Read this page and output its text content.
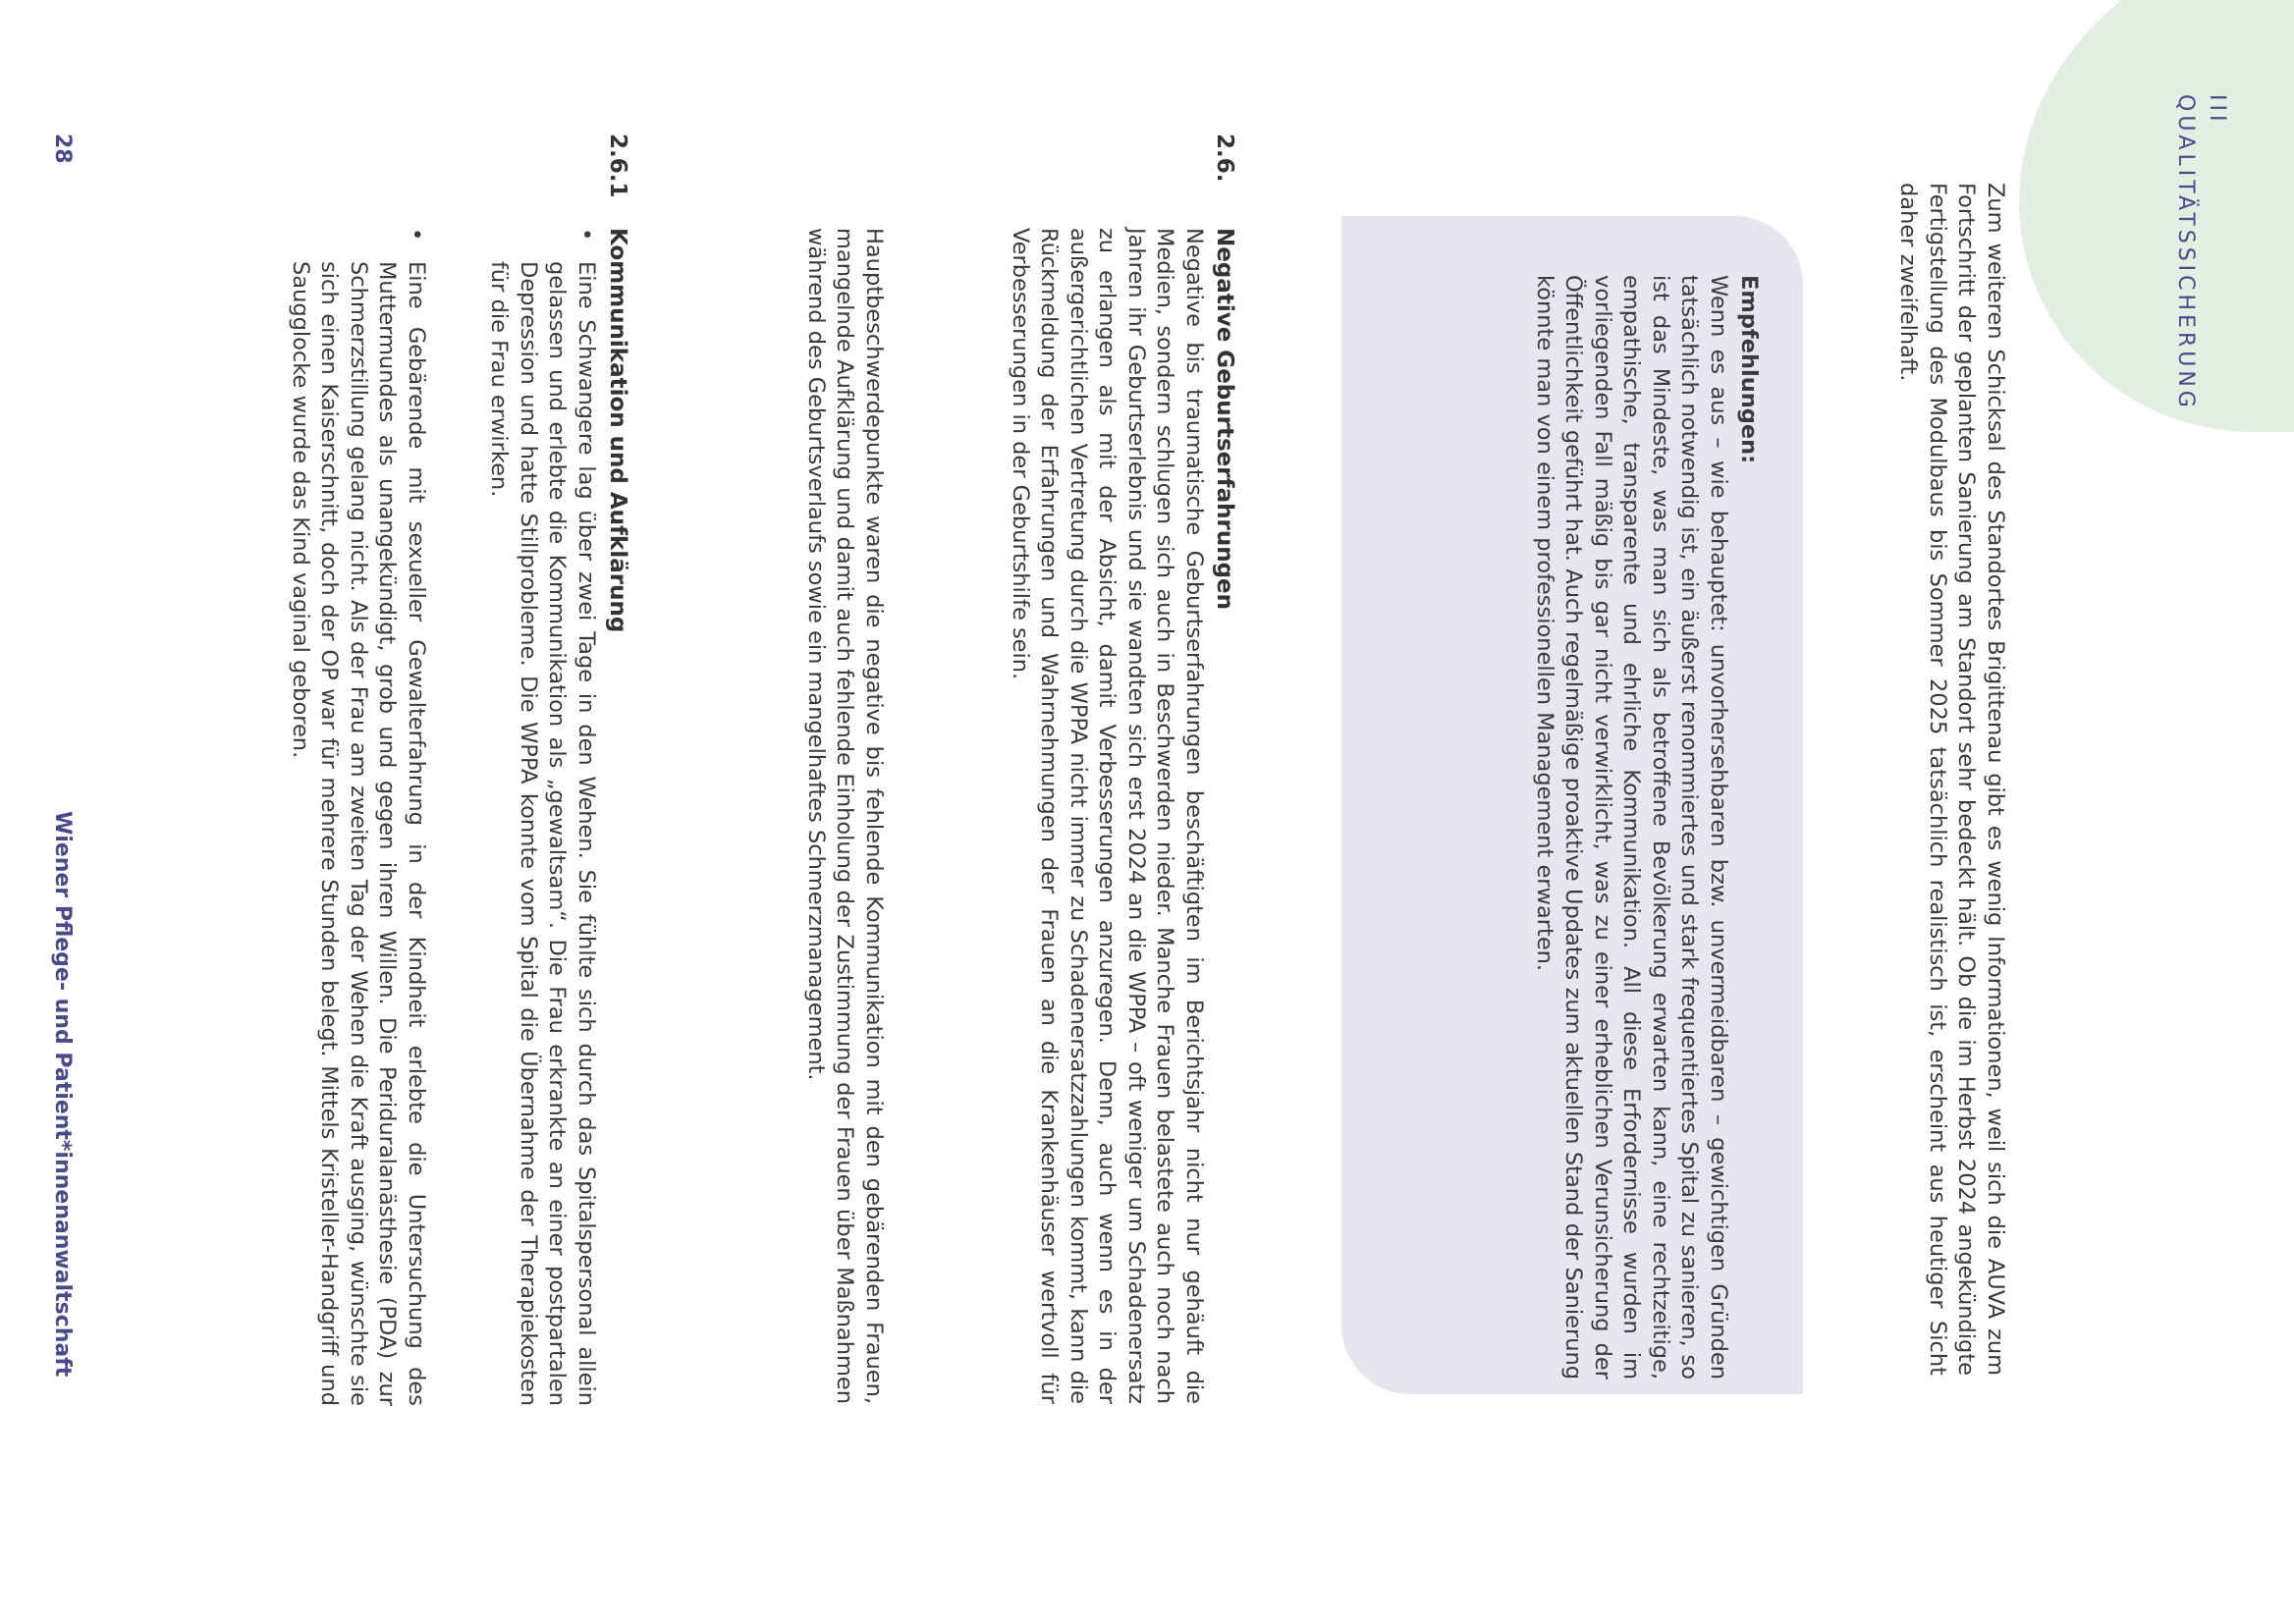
III
QUALITÄTSSICHERUNG

Zum weiteren Schicksal des Standortes Brigittenau gibt es wenig Informationen, weil sich die AUVA zum Fortschritt der geplanten Sanierung am Standort sehr bedeckt hält. Ob die im Herbst 2024 angekündigte Fertigstellung des Modulbaus bis Sommer 2025 tatsächlich realistisch ist, erscheint aus heutiger Sicht daher zweifelhaft.

Empfehlungen:

Wenn es aus – wie behauptet: unvorhersehbaren bzw. unvermeidbaren – gewichtigen Gründen tatsächlich notwendig ist, ein äußerst renommiertes und stark frequentiertes Spital zu sanieren, so ist das Mindeste, was man sich als betroffene Bevölkerung erwarten kann, eine rechtzeitige, empathische, transparente und ehrliche Kommunikation. All diese Erfordernisse wurden im vorliegenden Fall mäßig bis gar nicht verwirklicht, was zu einer erheblichen Verunsicherung der Öffentlichkeit geführt hat. Auch regelmäßige proaktive Updates zum aktuellen Stand der Sanierung könnte man von einem professionellen Management erwarten.

2.6.
Negative Geburtserfahrungen

Negative bis traumatische Geburtserfahrungen beschäftigten im Berichtsjahr nicht nur gehäuft die Medien, sondern schlugen sich auch in Beschwerden nieder. Manche Frauen belastete auch noch nach Jahren ihr Geburtserlebnis und sie wandten sich erst 2024 an die WPPA – oft weniger um Schadenersatz zu erlangen als mit der Absicht, damit Verbesserungen anzuregen. Denn, auch wenn es in der außergerichtlichen Vertretung durch die WPPA nicht immer zu Schadenersatzzahlungen kommt, kann die Rückmeldung der Erfahrungen und Wahrnehmungen der Frauen an die Krankenhäuser wertvoll für Verbesserungen in der Geburtshilfe sein.

Hauptbeschwerdepunkte waren die negative bis fehlende Kommunikation mit den gebärenden Frauen, mangelnde Aufklärung und damit auch fehlende Einholung der Zustimmung der Frauen über Maßnahmen während des Geburtsverlaufs sowie ein mangelhaftes Schmerzmanagement.

2.6.1
Kommunikation und Aufklärung
•

Eine Schwangere lag über zwei Tage in den Wehen. Sie fühlte sich durch das Spitalspersonal allein gelassen und erlebte die Kommunikation als „gewaltsam“. Die Frau erkrankte an einer postpartalen Depression und hatte Stillprobleme. Die WPPA konnte vom Spital die Übernahme der Therapiekosten für die Frau erwirken.

•

Eine Gebärende mit sexueller Gewalterfahrung in der Kindheit erlebte die Untersuchung des Muttermundes als unangekündigt, grob und gegen ihren Willen. Die Periduralanästhesie (PDA) zur Schmerzstillung gelang nicht. Als der Frau am zweiten Tag der Wehen die Kraft ausging, wünschte sie sich einen Kaiserschnitt, doch der OP war für mehrere Stunden belegt. Mittels Kristeller-Handgriff und Saugglocke wurde das Kind vaginal geboren.

28
Wiener Pflege- und Patient*innenanwaltschaft
